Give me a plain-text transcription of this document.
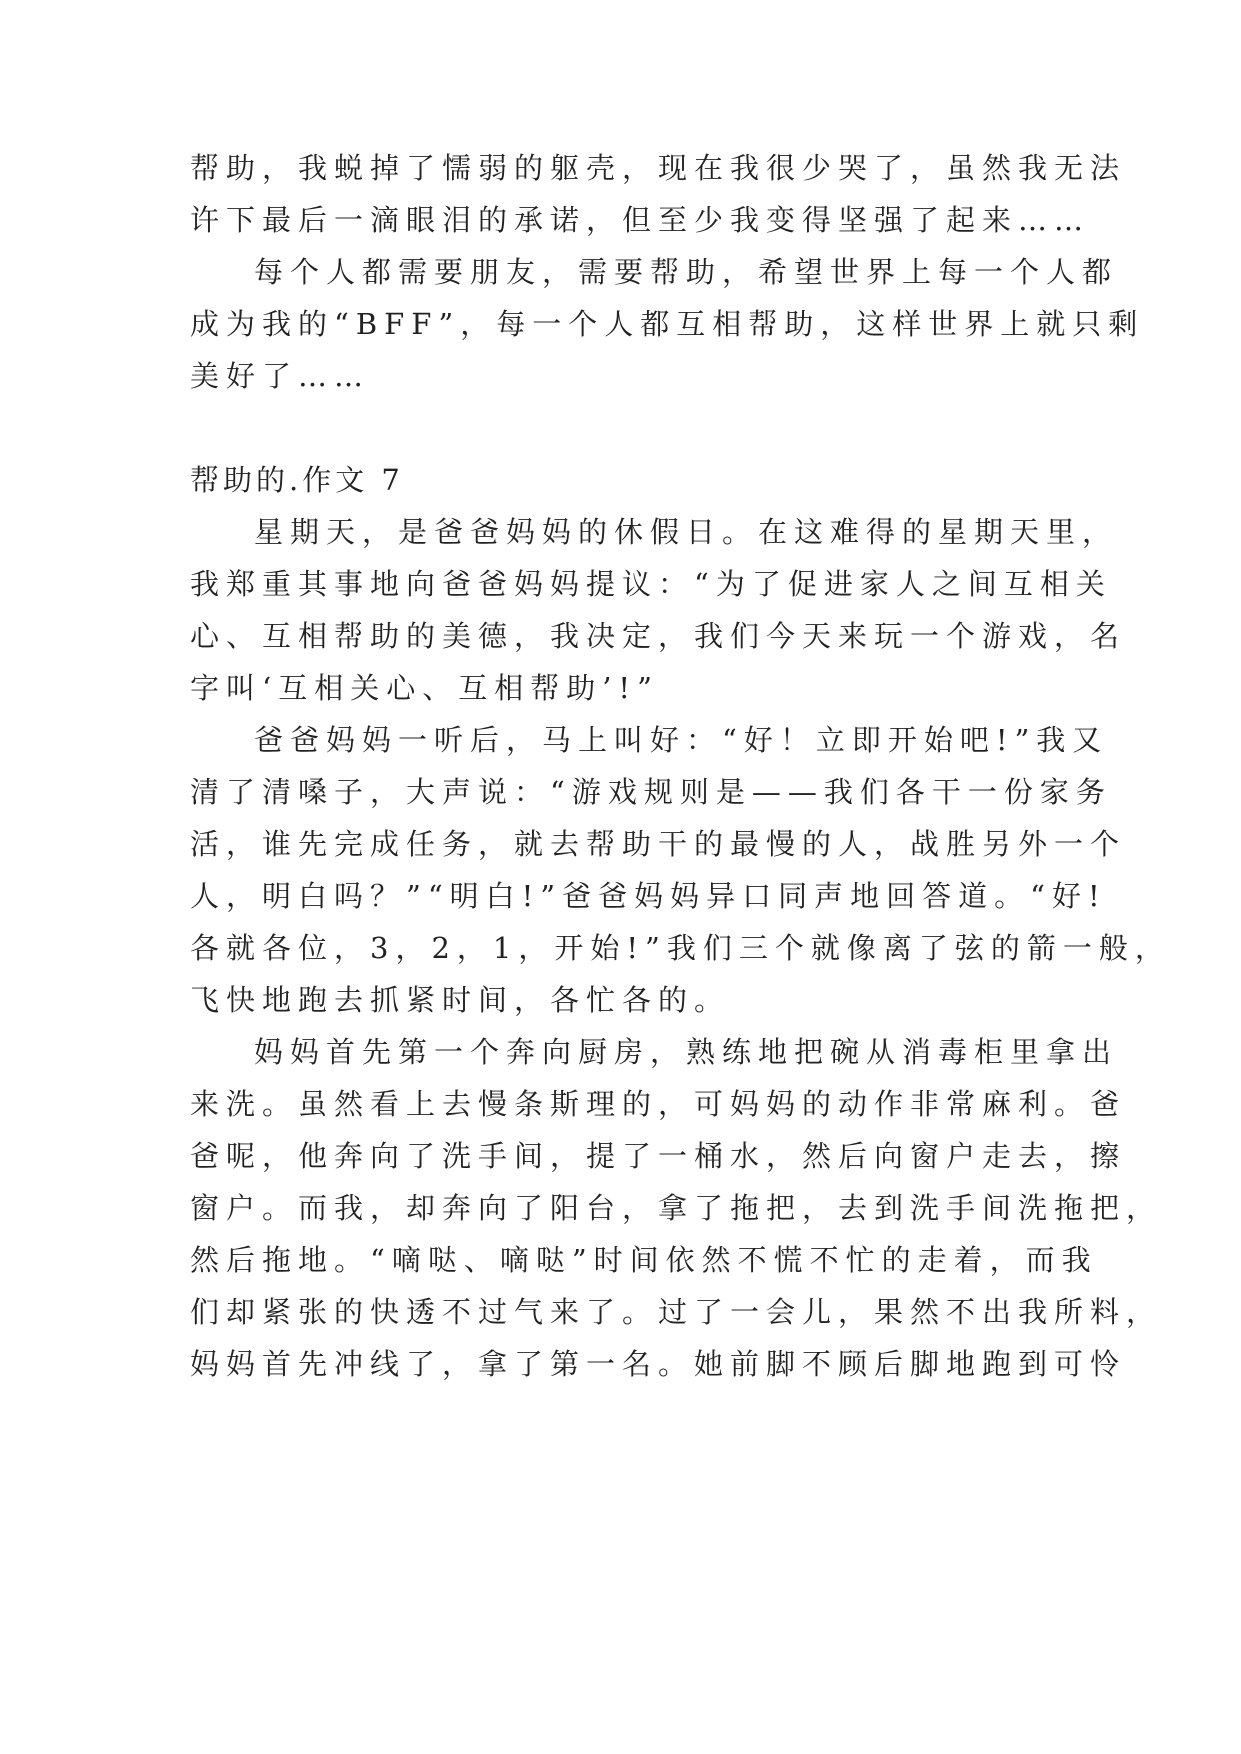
帮助，我蜕掉了懦弱的躯壳，现在我很少哭了，虽然我无法
许下最后一滴眼泪的承诺，但至少我变得坚强了起来……
每个人都需要朋友，需要帮助，希望世界上每一个人都
成为我的“BFF”，每一个人都互相帮助，这样世界上就只剩
美好了……
帮助的.作文 7
星期天，是爸爸妈妈的休假日。在这难得的星期天里，
我郑重其事地向爸爸妈妈提议：“为了促进家人之间互相关
心、互相帮助的美德，我决定，我们今天来玩一个游戏，名
字叫‘互相关心、互相帮助’!”
爸爸妈妈一听后，马上叫好：“好！立即开始吧!”我又
清了清嗓子，大声说：“游戏规则是——我们各干一份家务
活，谁先完成任务，就去帮助干的最慢的人，战胜另外一个
人，明白吗？”“明白!”爸爸妈妈异口同声地回答道。“好!
各就各位，3，2，1，开始!”我们三个就像离了弦的箭一般，
飞快地跑去抓紧时间，各忙各的。
妈妈首先第一个奔向厨房，熟练地把碗从消毒柜里拿出
来洗。虽然看上去慢条斯理的，可妈妈的动作非常麻利。爸
爸呢，他奔向了洗手间，提了一桶水，然后向窗户走去，擦
窗户。而我，却奔向了阳台，拿了拖把，去到洗手间洗拖把，
然后拖地。“嘀哒、嘀哒”时间依然不慌不忙的走着，而我
们却紧张的快透不过气来了。过了一会儿，果然不出我所料，
妈妈首先冲线了，拿了第一名。她前脚不顾后脚地跑到可怜
